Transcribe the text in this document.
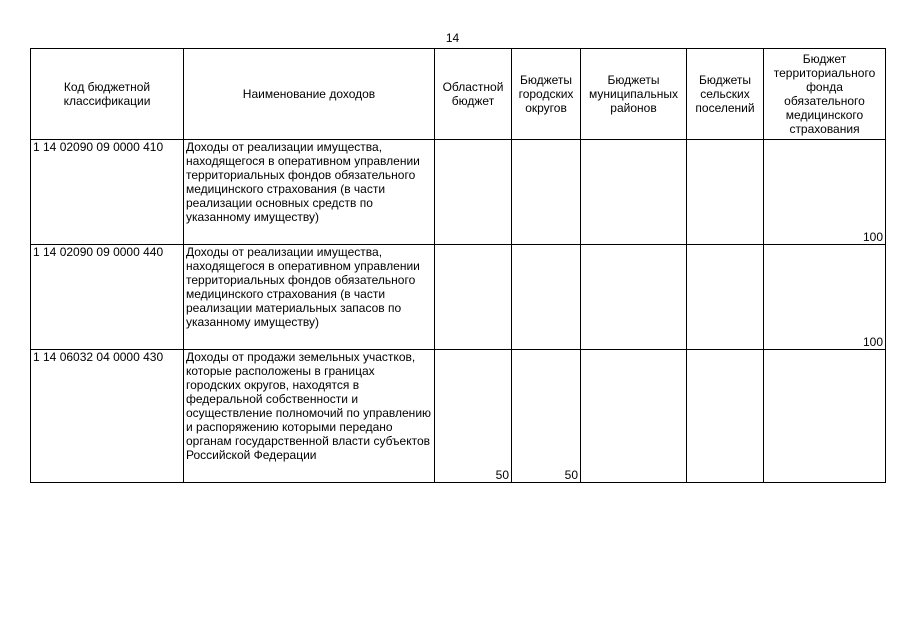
14
Код бюджетной классификации	Наименование доходов	Областной бюджет	Бюджеты городских округов	Бюджеты муниципальных районов	Бюджеты сельских поселений	Бюджет территориального фонда обязательного медицинского страхования
1 14 02090 09 0000 410	Доходы от реализации имущества, находящегося в оперативном управлении территориальных фондов обязательного медицинского страхования (в части реализации основных средств по указанному имуществу)					100
1 14 02090 09 0000 440	Доходы от реализации имущества, находящегося в оперативном управлении территориальных фондов обязательного медицинского страхования (в части реализации материальных запасов по указанному имуществу)					100
1 14 06032 04 0000 430	Доходы от продажи земельных участков, которые расположены в границах городских округов, находятся в федеральной собственности и осуществление полномочий по управлению и распоряжению которыми передано органам государственной власти субъектов Российской Федерации	50	50			
